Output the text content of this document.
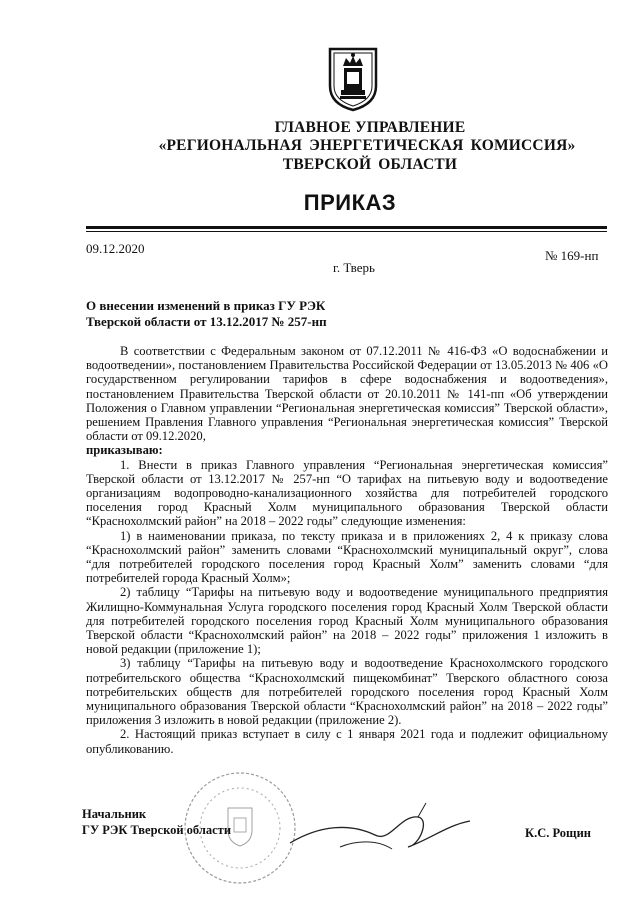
ГЛАВНОЕ УПРАВЛЕНИЕ
«РЕГИОНАЛЬНАЯ ЭНЕРГЕТИЧЕСКАЯ КОМИССИЯ»
ТВЕРСКОЙ ОБЛАСТИ
ПРИКАЗ
09.12.2020	№ 169-нп
г. Тверь
О внесении изменений в приказ ГУ РЭК
Тверской области от 13.12.2017 № 257-нп

В соответствии с Федеральным законом от 07.12.2011 № 416-ФЗ «О водоснабжении и водоотведении», постановлением Правительства Российской Федерации от 13.05.2013 № 406 «О государственном регулировании тарифов в сфере водоснабжения и водоотведения», постановлением Правительства Тверской области от 20.10.2011 № 141-пп «Об утверждении Положения о Главном управлении “Региональная энергетическая комиссия” Тверской области», решением Правления Главного управления “Региональная энергетическая комиссия” Тверской области от 09.12.2020,

приказываю:

1. Внести в приказ Главного управления “Региональная энергетическая комиссия” Тверской области от 13.12.2017 № 257-нп “О тарифах на питьевую воду и водоотведение организациям водопроводно-канализационного хозяйства для потребителей городского поселения город Красный Холм муниципального образования Тверской области “Краснохолмский район” на 2018 – 2022 годы” следующие изменения:

1) в наименовании приказа, по тексту приказа и в приложениях 2, 4 к приказу слова “Краснохолмский район” заменить словами “Краснохолмский муниципальный округ”, слова “для потребителей городского поселения город Красный Холм” заменить словами “для потребителей города Красный Холм»;

2) таблицу “Тарифы на питьевую воду и водоотведение муниципального предприятия Жилищно-Коммунальная Услуга городского поселения город Красный Холм Тверской области для потребителей городского поселения город Красный Холм муниципального образования Тверской области “Краснохолмский район” на 2018 – 2022 годы” приложения 1 изложить в новой редакции (приложение 1);

3) таблицу “Тарифы на питьевую воду и водоотведение Краснохолмского городского потребительского общества “Краснохолмский пищекомбинат” Тверского областного союза потребительских обществ для потребителей городского поселения город Красный Холм муниципального образования Тверской области “Краснохолмский район” на 2018 – 2022 годы” приложения 3 изложить в новой редакции (приложение 2).

2. Настоящий приказ вступает в силу с 1 января 2021 года и подлежит официальному опубликованию.

Начальник
ГУ РЭК Тверской области	К.С. Рощин
